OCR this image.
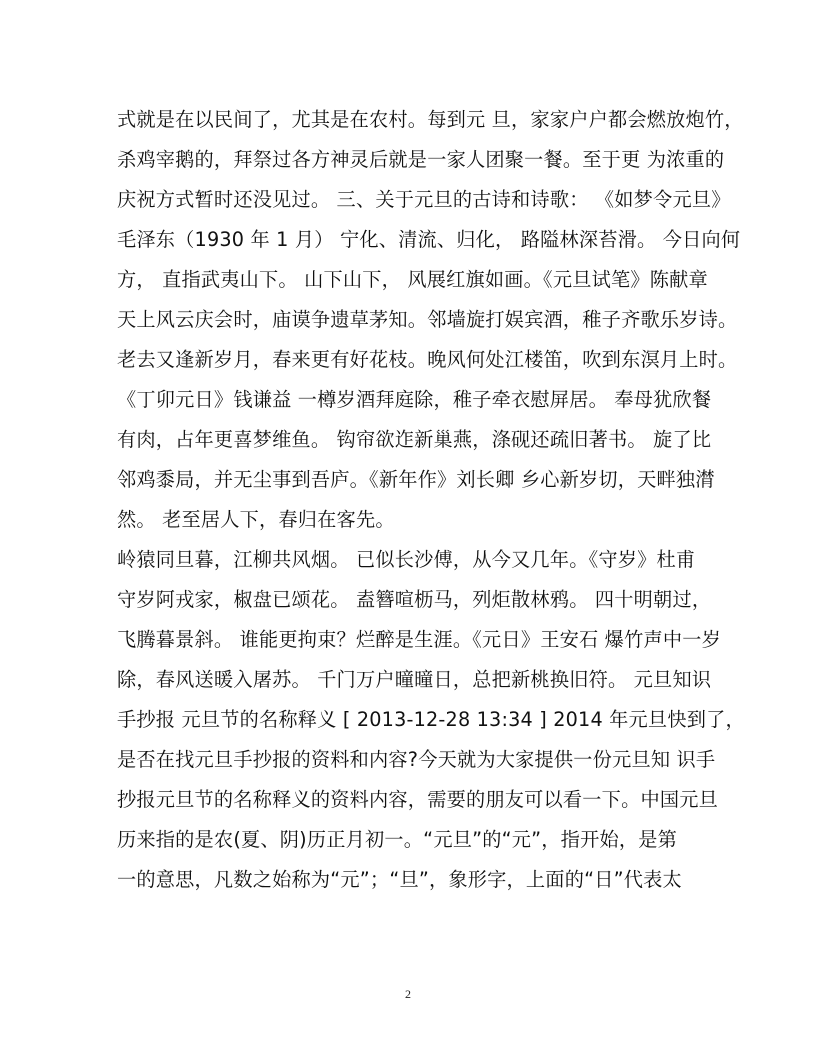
式就是在以民间了，尤其是在农村。每到元 旦，家家户户都会燃放炮竹，
杀鸡宰鹅的，拜祭过各方神灵后就是一家人团聚一餐。至于更 为浓重的
庆祝方式暂时还没见过。 三、关于元旦的古诗和诗歌： 《如梦令元旦》
毛泽东（1930 年 1 月） 宁化、清流、归化， 路隘林深苔滑。 今日向何
方， 直指武夷山下。 山下山下， 风展红旗如画。《元旦试笔》陈献章
天上风云庆会时，庙谟争遗草茅知。邻墙旋打娱宾酒，稚子齐歌乐岁诗。
老去又逢新岁月，春来更有好花枝。晚风何处江楼笛，吹到东溟月上时。
《丁卯元日》钱谦益 一樽岁酒拜庭除，稚子牵衣慰屏居。 奉母犹欣餐
有肉，占年更喜梦维鱼。 钩帘欲迮新巢燕，涤砚还疏旧著书。 旋了比
邻鸡黍局，并无尘事到吾庐。《新年作》刘长卿 乡心新岁切，天畔独潸
然。 老至居人下，春归在客先。
岭猿同旦暮，江柳共风烟。 已似长沙傅，从今又几年。《守岁》杜甫
守岁阿戎家，椒盘已颂花。 盍簪喧枥马，列炬散林鸦。 四十明朝过，
飞腾暮景斜。 谁能更拘束？烂醉是生涯。《元日》王安石 爆竹声中一岁
除，春风送暖入屠苏。 千门万户曈曈日，总把新桃换旧符。 元旦知识
手抄报 元旦节的名称释义 [ 2013-12-28 13:34 ] 2014 年元旦快到了，
是否在找元旦手抄报的资料和内容?今天就为大家提供一份元旦知 识手
抄报元旦节的名称释义的资料内容，需要的朋友可以看一下。中国元旦
历来指的是农(夏、阴)历正月初一。“元旦”的“元”，指开始，是第
一的意思，凡数之始称为“元”；“旦”，象形字，上面的“日”代表太
2
